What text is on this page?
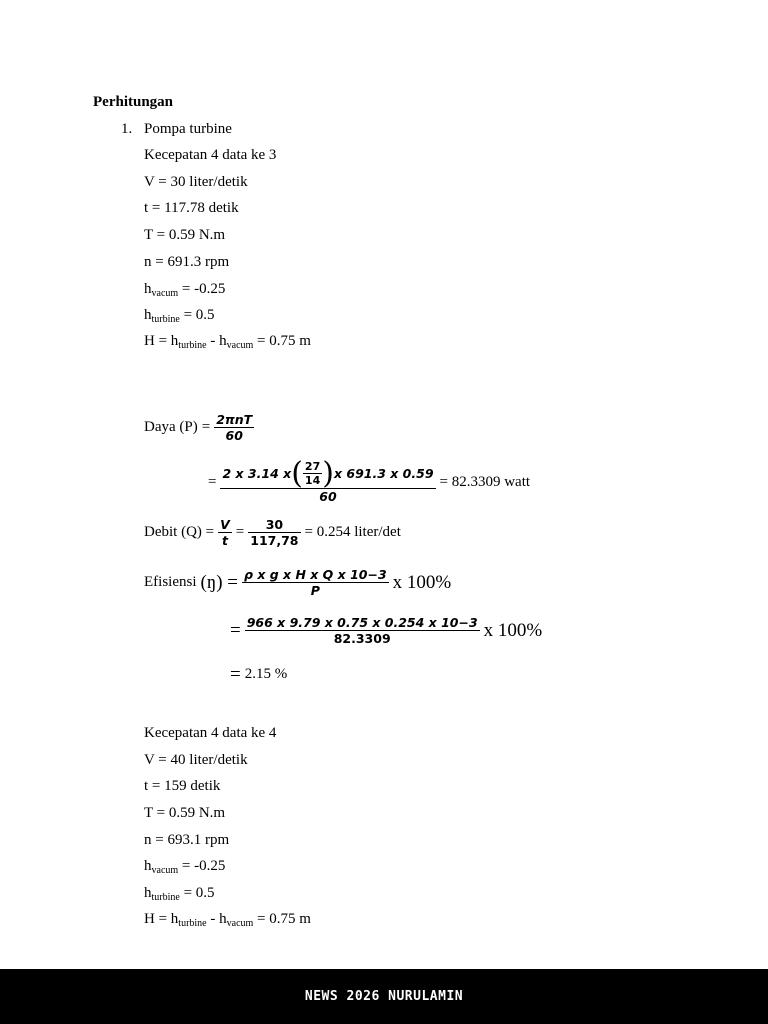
Perhitungan
1. Pompa turbine
Kecepatan 4 data ke 3
V = 30 liter/detik
t = 117.78 detik
T = 0.59 N.m
n = 691.3 rpm
$h_{vacum} = -0.25$
$h_{turbine} = 0.5$
$H = h_{turbine} - h_{vacum} = 0.75$ m
Daya $(P) = \frac{\text{2πnT}}{60}$
= 2 x 3.14 x ( $\frac{27}{14}$ ) x 691.3 x 0.59
60
= 82.3309 watt
Debit $(Q) = \frac{V}{t} = \frac{30}{117,78} = 0.254$ liter/det
Efisiensi (ŋ) = $\frac{\text{ρ x g x H x Q x 10−3}}{P}$ x 100%
= $\frac{966 x 9.79 x 0.75 x 0.254 x 10-3}{82.3309}$ x 100%
= 2.15 %
Kecepatan 4 data ke 4
V = 40 liter/detik
t = 159 detik
T = 0.59 N.m
n = 693.1 rpm
$h_{vacum} = -0.25$
$h_{turbine} = 0.5$
$H = h_{turbine} - h_{vacum} = 0.75$ m
NEWS 2026 NURULAMIN
